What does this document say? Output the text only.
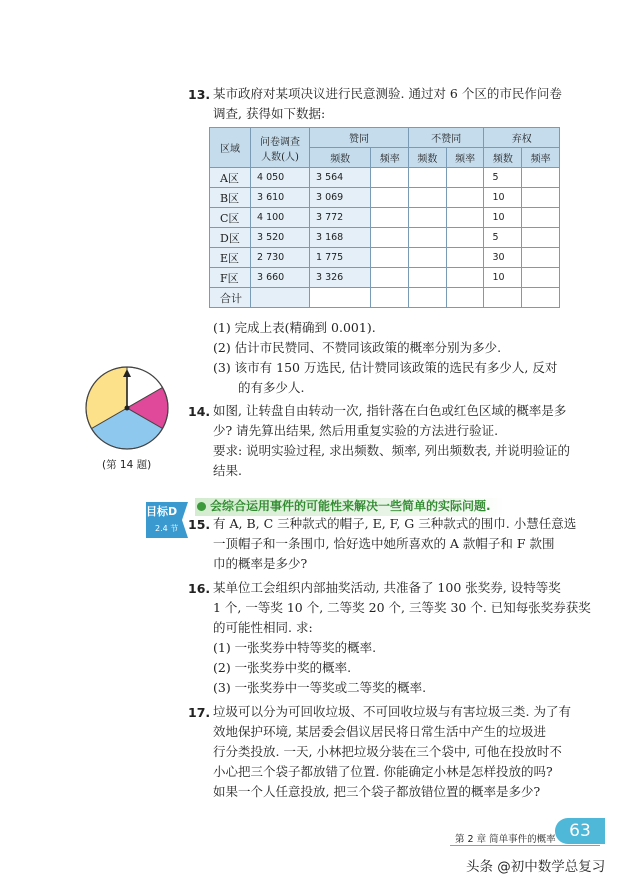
13. 某市政府对某项决议进行民意测验. 通过对 6 个区的市民作问卷
调查, 获得如下数据:
区域	问卷调查
人数(人)	赞同		不赞同		弃权	
		频数	频率	频数	频率	频数	频率
A区	4 050	3 564				5	
B区	3 610	3 069				10	
C区	4 100	3 772				10	
D区	3 520	3 168				5	
E区	2 730	1 775				30	
F区	3 660	3 326				10	
合计							
(1) 完成上表(精确到 0.001).
(2) 估计市民赞同、不赞同该政策的概率分别为多少.
(3) 该市有 150 万选民, 估计赞同该政策的选民有多少人, 反对
的有多少人.
(第 14 题)
14. 如图, 让转盘自由转动一次, 指针落在白色或红色区域的概率是多
少? 请先算出结果, 然后用重复实验的方法进行验证.
要求: 说明实验过程, 求出频数、频率, 列出频数表, 并说明验证的
结果.
目标D
2.4 节
会综合运用事件的可能性来解决一些简单的实际问题.
15. 有 A, B, C 三种款式的帽子, E, F, G 三种款式的围巾. 小慧任意选
一顶帽子和一条围巾, 恰好选中她所喜欢的 A 款帽子和 F 款围
巾的概率是多少?
16. 某单位工会组织内部抽奖活动, 共准备了 100 张奖券, 设特等奖
1 个, 一等奖 10 个, 二等奖 20 个, 三等奖 30 个. 已知每张奖券获奖
的可能性相同. 求:
(1) 一张奖券中特等奖的概率.
(2) 一张奖券中奖的概率.
(3) 一张奖券中一等奖或二等奖的概率.
17. 垃圾可以分为可回收垃圾、不可回收垃圾与有害垃圾三类. 为了有
效地保护环境, 某居委会倡议居民将日常生活中产生的垃圾进
行分类投放. 一天, 小林把垃圾分装在三个袋中, 可他在投放时不
小心把三个袋子都放错了位置. 你能确定小林是怎样投放的吗?
如果一个人任意投放, 把三个袋子都放错位置的概率是多少?
第 2 章 简单事件的概率 63
头条 @初中数学总复习
